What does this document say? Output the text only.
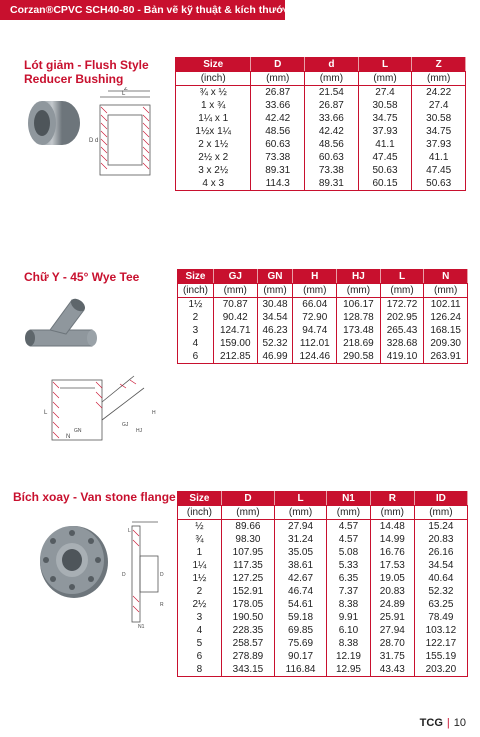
Corzan®CPVC SCH40-80 - Bản vẽ kỹ thuật & kích thước
Lót giảm - Flush Style
Reducer Bushing
Size	D	d	L	Z
(inch)	(mm)	(mm)	(mm)	(mm)
¾ x ½	26.87	21.54	27.4	24.22
1 x ¾	33.66	26.87	30.58	27.4
1¼ x 1	42.42	33.66	34.75	30.58
1½x 1¼	48.56	42.42	37.93	34.75
2 x 1½	60.63	48.56	41.1	37.93
2½ x 2	73.38	60.63	47.45	41.1
3 x 2½	89.31	73.38	50.63	47.45
4 x 3	114.3	89.31	60.15	50.63
L
Z
D d
Chữ Y - 45° Wye Tee	Size	GJ	GN	H	HJ	L	N
(inch)	(mm)	(mm)	(mm)	(mm)	(mm)	(mm)
1½	70.87	30.48	66.04	106.17	172.72	102.11
2	90.42	34.54	72.90	128.78	202.95	126.24
3	124.71	46.23	94.74	173.48	265.43	168.15
4	159.00	52.32	112.01	218.69	328.68	209.30
6	212.85	46.99	124.46	290.58	419.10	263.91
L
N
GN
GJ
HJ
H
Bích xoay - Van stone flange Size	D	L	N1	R	ID
(inch)	(mm)	(mm)	(mm)	(mm)	(mm)
½	89.66	27.94	4.57	14.48	15.24
¾	98.30	31.24	4.57	14.99	20.83
1	107.95	35.05	5.08	16.76	26.16
1¼	117.35	38.61	5.33	17.53	34.54
1½	127.25	42.67	6.35	19.05	40.64
2	152.91	46.74	7.37	20.83	52.32
2½	178.05	54.61	8.38	24.89	63.25
3	190.50	59.18	9.91	25.91	78.49
4	228.35	69.85	6.10	27.94	103.12
5	258.57	75.69	8.38	28.70	122.17
6	278.89	90.17	12.19	31.75	155.19
8	343.15	116.84	12.95	43.43	203.20
L
N1
D	D
R
TCG | 10
